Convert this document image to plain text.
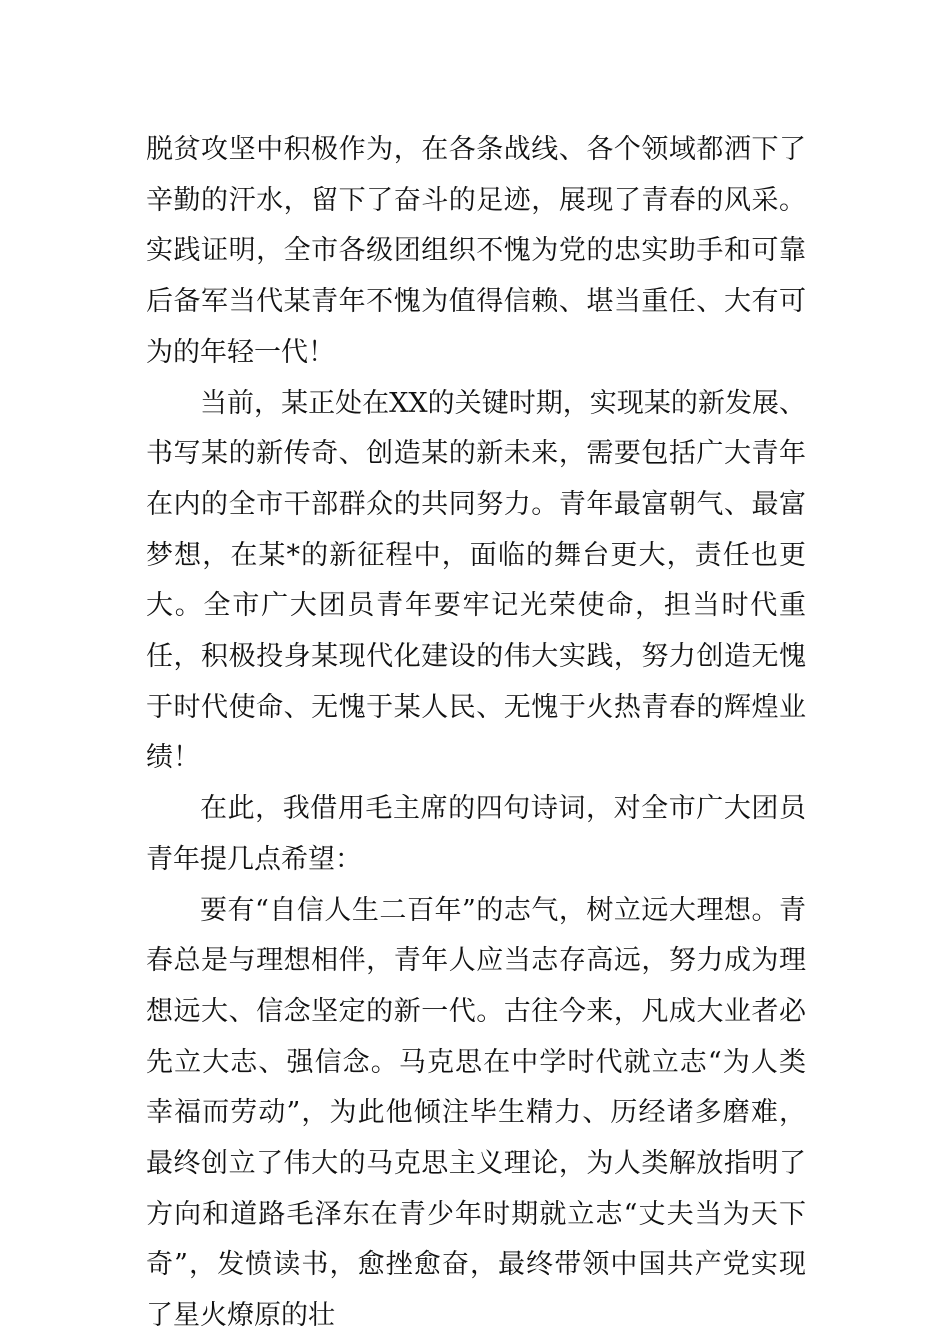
脱贫攻坚中积极作为，在各条战线、各个领域都洒下了辛勤的汗水，留下了奋斗的足迹，展现了青春的风采。实践证明，全市各级团组织不愧为党的忠实助手和可靠后备军当代某青年不愧为值得信赖、堪当重任、大有可为的年轻一代！

当前，某正处在XX的关键时期，实现某的新发展、书写某的新传奇、创造某的新未来，需要包括广大青年在内的全市干部群众的共同努力。青年最富朝气、最富梦想，在某*的新征程中，面临的舞台更大，责任也更大。全市广大团员青年要牢记光荣使命，担当时代重任，积极投身某现代化建设的伟大实践，努力创造无愧于时代使命、无愧于某人民、无愧于火热青春的辉煌业绩！

在此，我借用毛主席的四句诗词，对全市广大团员青年提几点希望：

要有“自信人生二百年”的志气，树立远大理想。青春总是与理想相伴，青年人应当志存高远，努力成为理想远大、信念坚定的新一代。古往今来，凡成大业者必先立大志、强信念。马克思在中学时代就立志“为人类幸福而劳动”，为此他倾注毕生精力、历经诸多磨难，最终创立了伟大的马克思主义理论，为人类解放指明了方向和道路毛泽东在青少年时期就立志“丈夫当为天下奇”，发愤读书，愈挫愈奋，最终带领中国共产党实现了星火燎原的壮
